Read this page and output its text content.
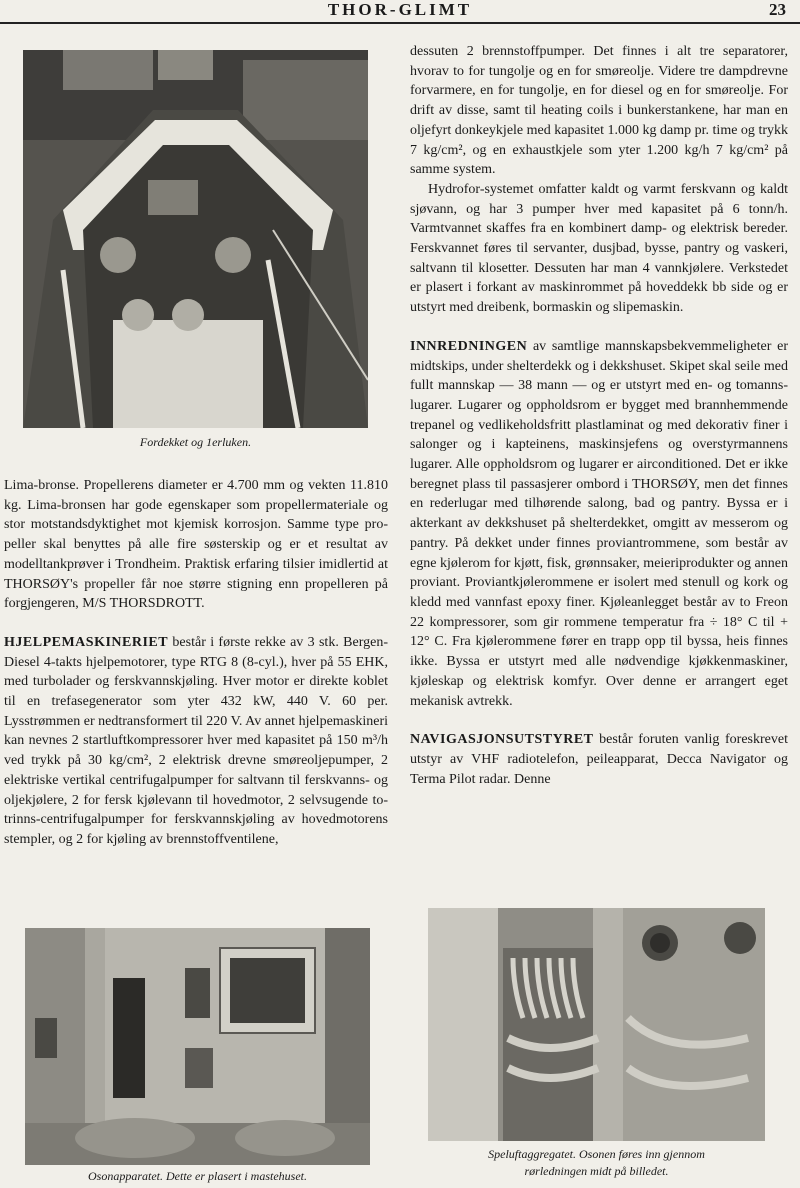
THOR-GLIMT	23
Fordekket og 1erluken.

Lima-bronse. Propellerens diameter er 4.700 mm og vekten 11.810 kg. Lima-bronsen har gode egenskaper som propellermateriale og stor motstandsdyktighet mot kjemisk korrosjon. Samme type propeller skal benyttes på alle fire søsterskip og er et resultat av modelltankprøver i Trondheim. Praktisk erfaring tilsier imidlertid at THORSØY's propeller får noe større stigning enn propelleren på forgjengeren, M/S THORSDROTT.

HJELPEMASKINERIET består i første rekke av 3 stk. Bergen-Diesel 4-takts hjelpemotorer, type RTG 8 (8-cyl.), hver på 55 EHK, med turbolader og ferskvannskjøling. Hver motor er direkte koblet til en trefasegenerator som yter 432 kW, 440 V. 60 per. Lysstrømmen er nedtransformert til 220 V. Av annet hjelpemaskineri kan nevnes 2 startluftkompressorer hver med kapasitet på 150 m³/h ved trykk på 30 kg/cm², 2 elektrisk drevne smøreoljepumper, 2 elektriske vertikal centrifugalpumper for saltvann til ferskvanns- og oljekjølere, 2 for fersk kjølevann til hovedmotor, 2 selvsugende to-trinns-centrifugalpumper for ferskvannskjøling av hovedmotorens stempler, og 2 for kjøling av brennstoffventilene,

dessuten 2 brennstoffpumper. Det finnes i alt tre separatorer, hvorav to for tungolje og en for smøreolje. Videre tre dampdrevne forvarmere, en for tungolje, en for diesel og en for smøreolje. For drift av disse, samt til heating coils i bunkerstankene, har man en oljefyrt donkeykjele med kapasitet 1.000 kg damp pr. time og trykk 7 kg/cm², og en exhaustkjele som yter 1.200 kg/h 7 kg/cm² på samme system.

Hydrofor-systemet omfatter kaldt og varmt ferskvann og kaldt sjøvann, og har 3 pumper hver med kapasitet på 6 tonn/h. Varmtvannet skaffes fra en kombinert damp- og elektrisk bereder. Ferskvannet føres til servanter, dusjbad, bysse, pantry og vaskeri, saltvann til klosetter. Dessuten har man 4 vannkjølere. Verkstedet er plasert i forkant av maskinrommet på hoveddekk bb side og er utstyrt med dreibenk, bormaskin og slipemaskin.

INNREDNINGEN av samtlige mannskapsbekvemmeligheter er midtskips, under shelterdekk og i dekkshuset. Skipet skal seile med fullt mannskap — 38 mann — og er utstyrt med en- og tomannslugarer. Lugarer og oppholdsrom er bygget med brannhemmende trepanel og vedlikeholdsfritt plastlaminat og med dekorativ finer i salonger og i kapteinens, maskinsjefens og overstyrmannens lugarer. Alle oppholdsrom og lugarer er airconditioned. Det er ikke beregnet plass til passasjerer ombord i THORSØY, men det finnes en rederlugar med tilhørende salong, bad og pantry. Byssa er i akterkant av dekkshuset på shelterdekket, omgitt av messerom og pantry. På dekket under finnes proviantrommene, som består av egne kjølerom for kjøtt, fisk, grønnsaker, meieriprodukter og annen proviant. Proviantkjølerommene er isolert med stenull og kork og kledd med vannfast epoxy finer. Kjøleanlegget består av to Freon 22 kompressorer, som gir rommene temperatur fra ÷ 18° C til + 12° C. Fra kjølerommene fører en trapp opp til byssa, heis finnes ikke. Byssa er utstyrt med alle nødvendige kjøkkenmaskiner, kjøleskap og elektrisk komfyr. Over denne er arrangert eget mekanisk avtrekk.

NAVIGASJONSUTSTYRET består foruten vanlig foreskrevet utstyr av VHF radiotelefon, peileapparat, Decca Navigator og Terma Pilot radar. Denne

Osonapparatet. Dette er plasert i mastehuset.
Speluftaggregatet. Osonen føres inn gjennom
rørledningen midt på billedet.
